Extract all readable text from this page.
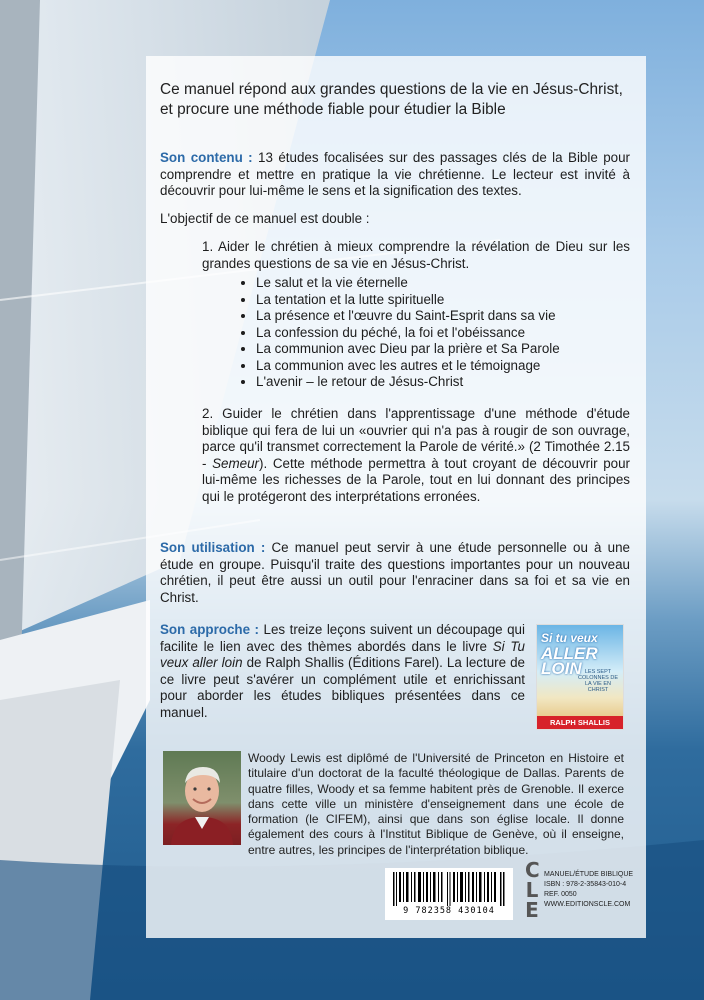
Ce manuel répond aux grandes questions de la vie en Jésus-Christ, et procure une méthode fiable pour étudier la Bible
Son contenu : 13 études focalisées sur des passages clés de la Bible pour comprendre et mettre en pratique la vie chrétienne. Le lecteur est invité à découvrir pour lui-même le sens et la signification des textes.
L'objectif de ce manuel est double :
1. Aider le chrétien à mieux comprendre la révélation de Dieu sur les grandes questions de sa vie en Jésus-Christ.
• Le salut et la vie éternelle
• La tentation et la lutte spirituelle
• La présence et l'œuvre du Saint-Esprit dans sa vie
• La confession du péché, la foi et l'obéissance
• La communion avec Dieu par la prière et Sa Parole
• La communion avec les autres et le témoignage
• L'avenir – le retour de Jésus-Christ
2. Guider le chrétien dans l'apprentissage d'une méthode d'étude biblique qui fera de lui un «ouvrier qui n'a pas à rougir de son ouvrage, parce qu'il transmet correctement la Parole de vérité.» (2 Timothée 2.15 - Semeur). Cette méthode permettra à tout croyant de découvrir pour lui-même les richesses de la Parole, tout en lui donnant des principes qui le protégeront des interprétations erronées.
Son utilisation : Ce manuel peut servir à une étude personnelle ou à une étude en groupe. Puisqu'il traite des questions importantes pour un nouveau chrétien, il peut être aussi un outil pour l'enraciner dans sa foi et sa vie en Christ.
Son approche : Les treize leçons suivent un découpage qui facilite le lien avec des thèmes abordés dans le livre Si Tu veux aller loin de Ralph Shallis (Éditions Farel). La lecture de ce livre peut s'avérer un complément utile et enrichissant pour aborder les études bibliques présentées dans ce manuel.
Si tu veux
ALLER
LOIN LES SEPT COLONNES DE LA VIE EN CHRIST
RALPH SHALLIS
Woody Lewis est diplômé de l'Université de Princeton en Histoire et titulaire d'un doctorat de la faculté théologique de Dallas. Parents de quatre filles, Woody et sa femme habitent près de Grenoble. Il exerce dans cette ville un ministère d'enseignement dans une école de formation (le CIFEM), ainsi que dans son église locale. Il donne également des cours à l'Institut Biblique de Genève, où il enseigne, entre autres, les principes de l'interprétation biblique.
9 782358 430104
C
L
E
MANUEL/ÉTUDE BIBLIQUE
ISBN : 978-2-35843-010-4
REF. 0050
WWW.EDITIONSCLE.COM
